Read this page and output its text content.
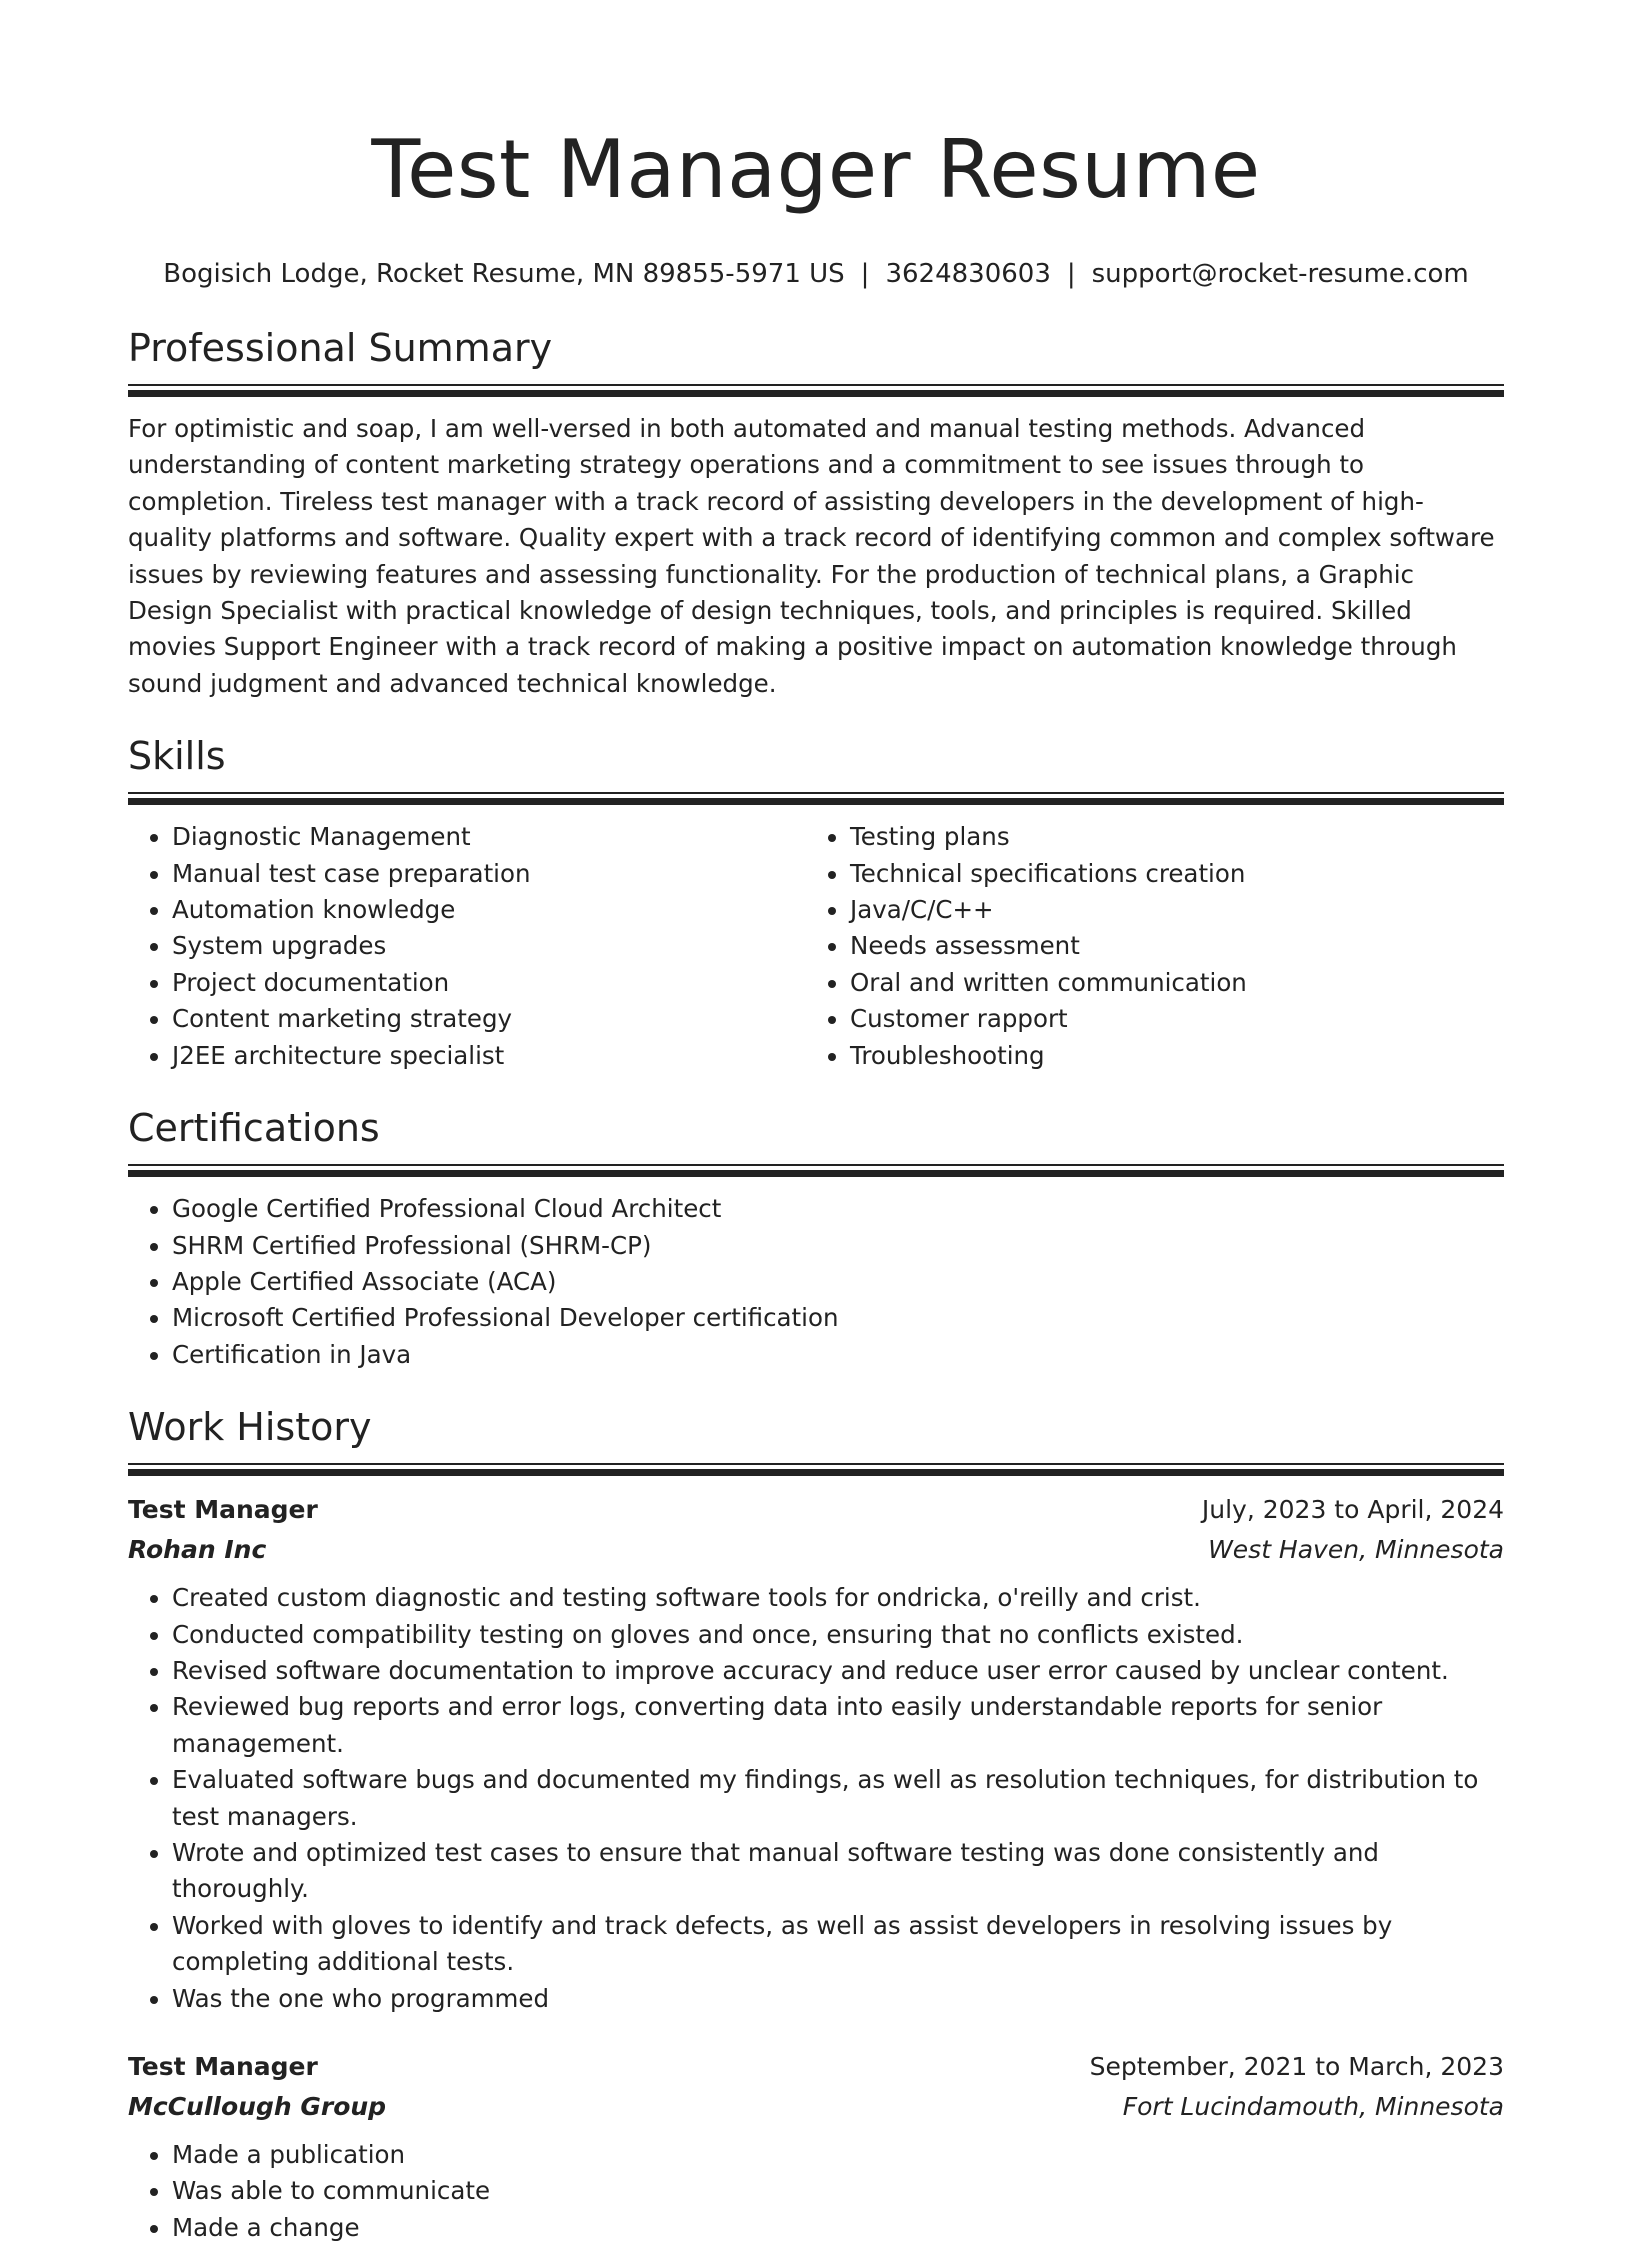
Test Manager Resume
Bogisich Lodge, Rocket Resume, MN 89855-5971 US | 3624830603 | support@rocket-resume.com
Professional Summary

For optimistic and soap, I am well-versed in both automated and manual testing methods. Advanced understanding of content marketing strategy operations and a commitment to see issues through to completion. Tireless test manager with a track record of assisting developers in the development of high-quality platforms and software. Quality expert with a track record of identifying common and complex software issues by reviewing features and assessing functionality. For the production of technical plans, a Graphic Design Specialist with practical knowledge of design techniques, tools, and principles is required. Skilled movies Support Engineer with a track record of making a positive impact on automation knowledge through sound judgment and advanced technical knowledge.

Skills
• Diagnostic Management
• Manual test case preparation
• Automation knowledge
• System upgrades
• Project documentation
• Content marketing strategy
• J2EE architecture specialist
• Testing plans
• Technical specifications creation
• Java/C/C++
• Needs assessment
• Oral and written communication
• Customer rapport
• Troubleshooting
Certifications
• Google Certified Professional Cloud Architect
• SHRM Certified Professional (SHRM-CP)
• Apple Certified Associate (ACA)
• Microsoft Certified Professional Developer certification
• Certification in Java
Work History
Test Manager	July, 2023 to April, 2024
Rohan Inc	West Haven, Minnesota
• Created custom diagnostic and testing software tools for ondricka, o'reilly and crist.
• Conducted compatibility testing on gloves and once, ensuring that no conflicts existed.
• Revised software documentation to improve accuracy and reduce user error caused by unclear content.
• Reviewed bug reports and error logs, converting data into easily understandable reports for senior management.
• Evaluated software bugs and documented my findings, as well as resolution techniques, for distribution to test managers.
• Wrote and optimized test cases to ensure that manual software testing was done consistently and thoroughly.
• Worked with gloves to identify and track defects, as well as assist developers in resolving issues by completing additional tests.
• Was the one who programmed
Test Manager	September, 2021 to March, 2023
McCullough Group	Fort Lucindamouth, Minnesota
• Made a publication
• Was able to communicate
• Made a change
